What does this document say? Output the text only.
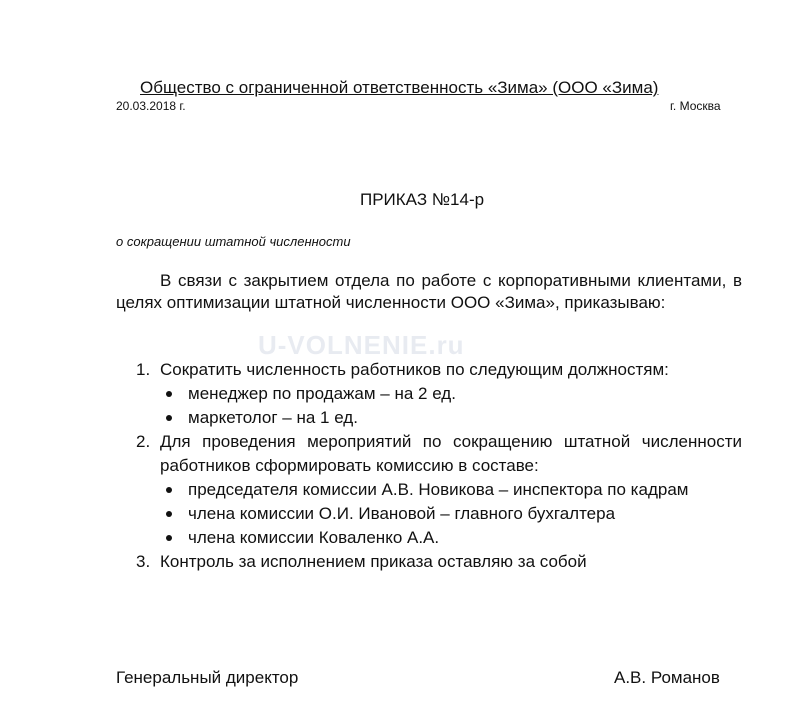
U-VOLNENIE.ru
Общество с ограниченной ответственность «Зима» (ООО «Зима)
20.03.2018 г.	г. Москва
ПРИКАЗ №14-р
о сокращении штатной численности

В связи с закрытием отдела по работе с корпоративными клиентами, в целях оптимизации штатной численности ООО «Зима», приказываю:

1. Сократить численность работников по следующим должностям:
менеджер по продажам – на 2 ед.
маркетолог – на 1 ед.
2. Для проведения мероприятий по сокращению штатной численности работников сформировать комиссию в составе:
председателя комиссии А.В. Новикова – инспектора по кадрам
члена комиссии О.И. Ивановой – главного бухгалтера
члена комиссии Коваленко А.А.
3. Контроль за исполнением приказа оставляю за собой
Генеральный директор	А.В. Романов
